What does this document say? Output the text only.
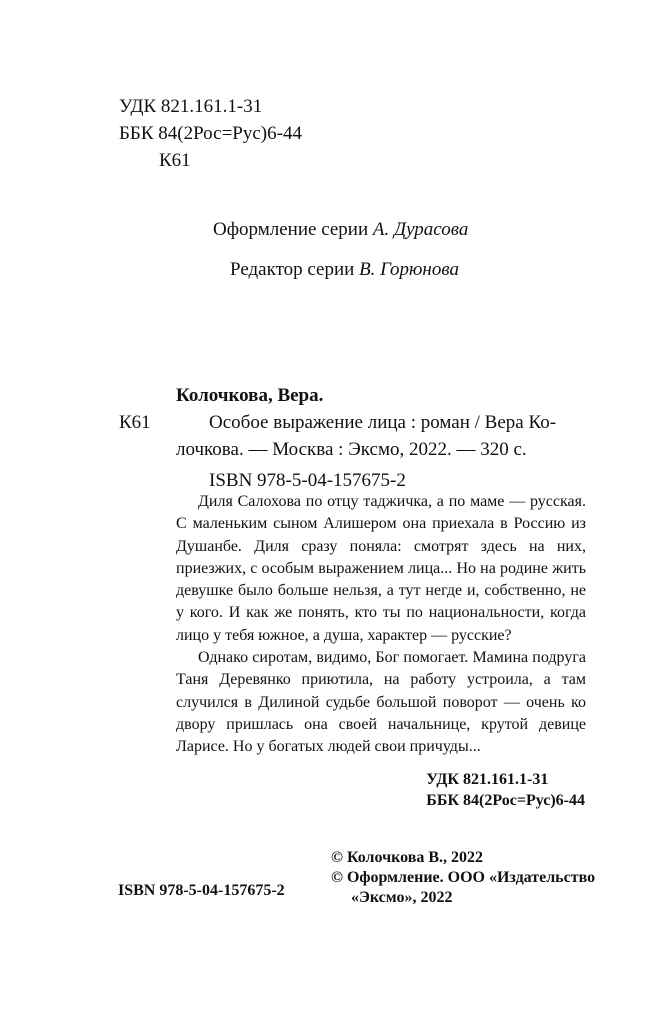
УДК 821.161.1-31
ББК 84(2Рос=Рус)6-44
К61
Оформление серии А. Дурасова
Редактор серии В. Горюнова
Колочкова, Вера.
К61	Особое выражение лица : роман / Вера Ко-
лочкова. — Москва : Эксмо, 2022. — 320 с.
ISBN 978-5-04-157675-2

Диля Салохова по отцу таджичка, а по маме — русская. С маленьким сыном Алишером она приехала в Россию из Душанбе. Диля сразу поняла: смотрят здесь на них, приезжих, с особым выражением лица... Но на родине жить девушке было больше нельзя, а тут негде и, собственно, не у кого. И как же понять, кто ты по национальности, когда лицо у тебя южное, а душа, характер — русские?

Однако сиротам, видимо, Бог помогает. Мамина подруга Таня Деревянко приютила, на работу устроила, а там случился в Дилиной судьбе большой поворот — очень ко двору пришлась она своей начальнице, крутой девице Ларисе. Но у богатых людей свои причуды...

УДК 821.161.1-31
ББК 84(2Рос=Рус)6-44
© Колочкова В., 2022
ISBN 978-5-04-157675-2
© Оформление. ООО «Издательство
«Эксмо», 2022
